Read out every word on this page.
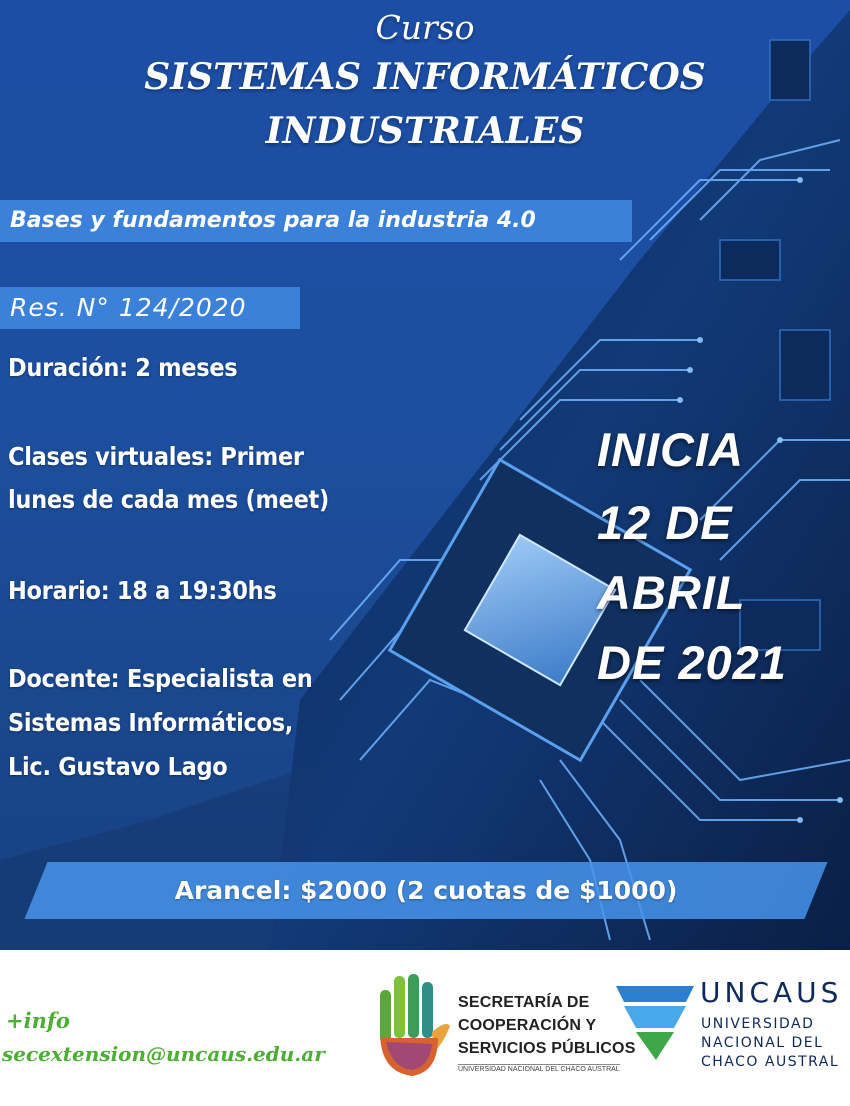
Curso
SISTEMAS INFORMÁTICOS
INDUSTRIALES
Bases y fundamentos para la industria 4.0
Res. N° 124/2020
Duración: 2 meses
Clases virtuales: Primer
lunes de cada mes (meet)
Horario: 18 a 19:30hs
Docente: Especialista en
Sistemas Informáticos,
Lic. Gustavo Lago
INICIA
12 DE
ABRIL
DE 2021
Arancel: $2000 (2 cuotas de $1000)
+info
secextension@uncaus.edu.ar
SECRETARÍA DE
COOPERACIÓN Y
SERVICIOS PÚBLICOS
UNIVERSIDAD NACIONAL DEL CHACO AUSTRAL
UNCAUS
UNIVERSIDAD
NACIONAL DEL
CHACO AUSTRAL
